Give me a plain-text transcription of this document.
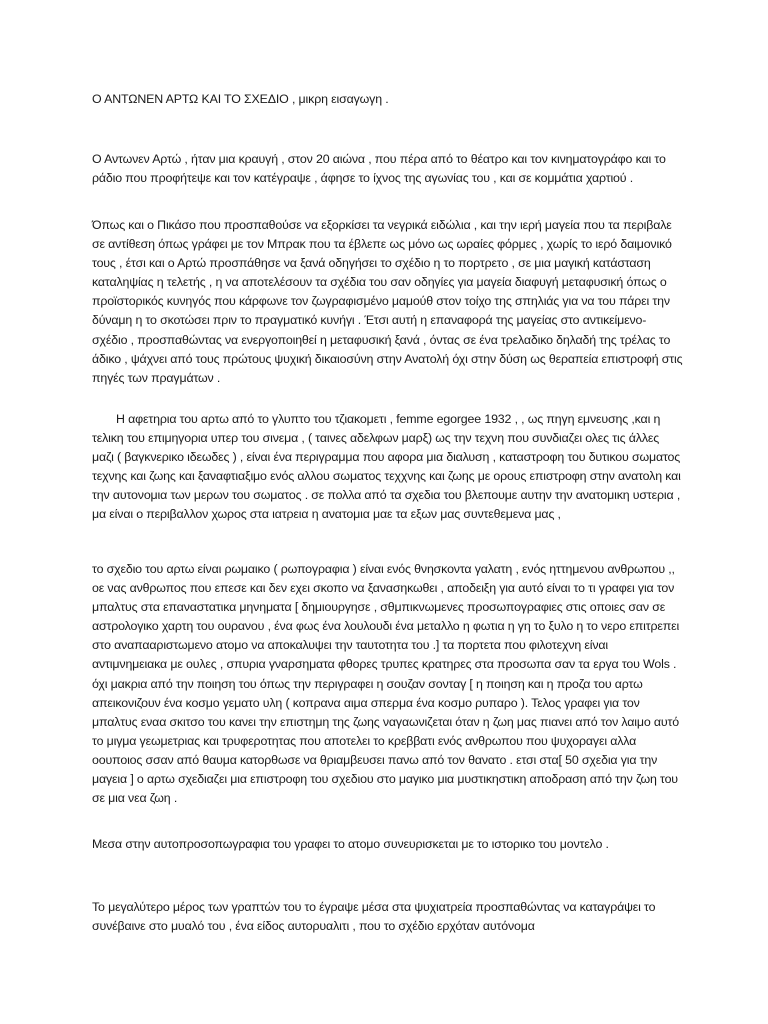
Ο ΑΝΤΩΝΕΝ ΑΡΤΩ ΚΑΙ ΤΟ ΣΧΕΔΙΟ , μικρη εισαγωγη .

Ο Αντωνεν Αρτώ , ήταν μια κραυγή , στον 20 αιώνα , που πέρα από το θέατρο και τον κινηματογράφο και το ράδιο που προφήτεψε και τον κατέγραψε , άφησε το ίχνος της αγωνίας του , και σε κομμάτια χαρτιού .

Όπως και ο Πικάσο που προσπαθούσε να εξορκίσει τα νεγρικά ειδώλια , και την ιερή μαγεία που τα περιβαλε σε αντίθεση όπως γράφει με τον Μπρακ που τα έβλεπε ως μόνο ως ωραίες φόρμες , χωρίς το ιερό δαιμονικό τους , έτσι και ο Αρτώ προσπάθησε να ξανά οδηγήσει το σχέδιο η το πορτρετο , σε μια μαγική κατάσταση καταληψίας η τελετής , η να αποτελέσουν τα σχέδια του σαν οδηγίες για μαγεία διαφυγή μεταφυσική όπως ο προϊστορικός κυνηγός που κάρφωνε τον ζωγραφισμένο μαμούθ στον τοίχο της σπηλιάς για να του πάρει την δύναμη η το σκοτώσει πριν το πραγματικό κυνήγι . Έτσι αυτή η επαναφορά της μαγείας στο αντικείμενο- σχέδιο , προσπαθώντας να ενεργοποιηθεί η μεταφυσική ξανά , όντας σε ένα τρελαδικο δηλαδή της τρέλας το άδικο , ψάχνει από τους πρώτους ψυχική δικαιοσύνη στην Ανατολή όχι στην δύση ως θεραπεία επιστροφή στις πηγές των πραγμάτων .

Η αφετηρια του αρτω από το γλυπτο του τζιακομετι , femme egorgee 1932 , , ως πηγη εμνευσης ,και η τελικη του επιμηγορια υπερ του σινεμα , ( ταινες αδελφων μαρξ) ως την τεχνη που συνδιαζει ολες τις άλλες μαζι ( βαγκνερικο ιδεωδες ) , είναι ένα περιγραμμα που αφορα μια διαλυση , καταστροφη του δυτικου σωματος τεχνης και ζωης και ξαναφτιαξιμο ενός αλλου σωματος τεχχνης και ζωης με ορους επιστροφη στην ανατολη και την αυτονομια των μερων του σωματος . σε πολλα από τα σχεδια του βλεπουμε αυτην την ανατομικη υστερια , μα είναι ο περιβαλλον χωρος στα ιατρεια η ανατομια μαε τα εξων μας συντεθεμενα μας ,

το σχεδιο του αρτω είναι ρωμαικο ( ρωπογραφια ) είναι ενός θνησκοντα γαλατη , ενός ηττημενου ανθρωπου ,, οε νας ανθρωπος που επεσε και δεν εχει σκοπο να ξανασηκωθει , αποδειξη για αυτό είναι το τι γραφει για τον μπαλτυς στα επαναστατικα μηνηματα [ δημιουργησε , σθμπικνωμενες προσωπογραφιες στις οποιες σαν σε αστρολογικο χαρτη του ουρανου , ένα φως ένα λουλουδι ένα μεταλλο η φωτια η γη το ξυλο η το νερο επιτρεπει στο αναπααριστωμενο ατομο να αποκαλυψει την ταυτοτητα του .] τα πορτετα που φιλοτεχνη είναι αντιμνημειακα με ουλες , σπυρια γναρσηματα φθορες τρυπες κρατηρες στα προσωπα σαν τα εργα του Wols . όχι μακρια από την ποιηση του όπως την περιγραφει η σουζαν σονταγ [ η ποιηση και η προζα του αρτω απεικονιζουν ένα κοσμο γεματο υλη ( κοπρανα αιμα σπερμα ένα κοσμο ρυπαρο ). Τελος γραφει για τον μπαλτυς εναα σκιτσο του κανει την επιστημη της ζωης ναγαωνιζεται όταν η ζωη μας πιανει από τον λαιμο αυτό το μιγμα γεωμετριας και τρυφεροτητας που αποτελει το κρεββατι ενός ανθρωπου που ψυχοραγει αλλα οουποιος σσαν από θαυμα κατορθωσε να θριαμβευσει πανω από τον θανατο . ετσι στα[ 50 σχεδια για την μαγεια ] ο αρτω σχεδιαζει μια επιστροφη του σχεδιου στο μαγικο μια μυστικηστικη αποδραση από την ζωη του σε μια νεα ζωη .

Μεσα στην αυτοπροσοπωγραφια του γραφει το ατομο συνευρισκεται με το ιστορικο του μοντελο .

Το μεγαλύτερο μέρος των γραπτών του το έγραψε μέσα στα ψυχιατρεία προσπαθώντας να καταγράψει το συνέβαινε στο μυαλό του , ένα είδος αυτορυαλιτι , που το σχέδιο ερχόταν αυτόνομα
